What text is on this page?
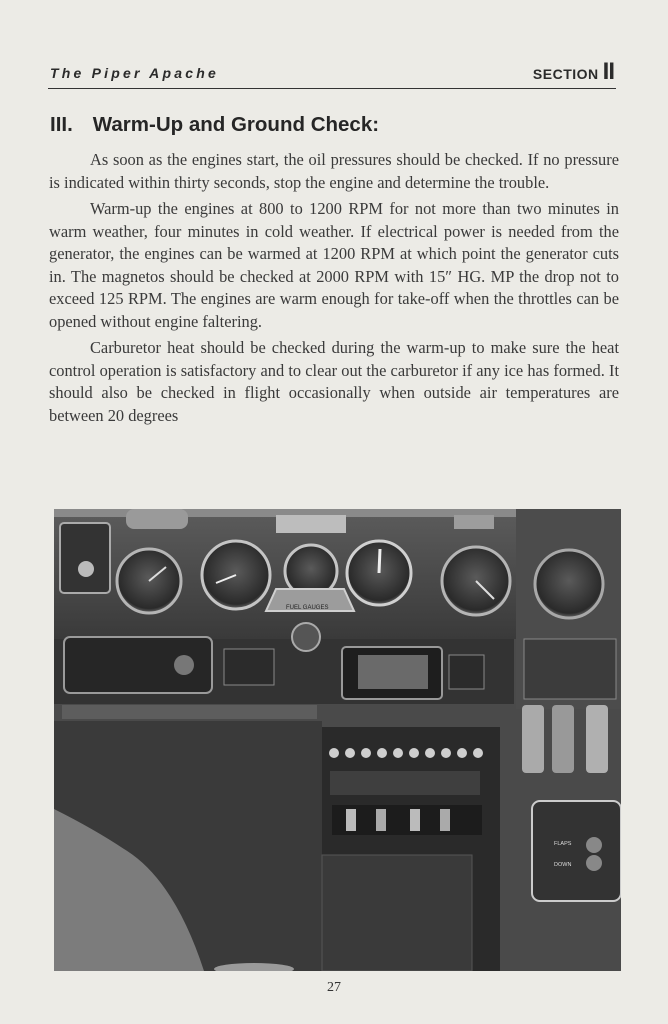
The Piper Apache	SECTION II
III. Warm-Up and Ground Check:

As soon as the engines start, the oil pressures should be checked. If no pressure is indicated within thirty seconds, stop the engine and determine the trouble.

Warm-up the engines at 800 to 1200 RPM for not more than two minutes in warm weather, four minutes in cold weather. If electrical power is needed from the generator, the engines can be warmed at 1200 RPM at which point the generator cuts in. The magnetos should be checked at 2000 RPM with 15″ HG. MP the drop not to exceed 125 RPM. The engines are warm enough for take-off when the throttles can be opened without engine faltering.

Carburetor heat should be checked during the warm-up to make sure the heat control operation is satisfactory and to clear out the carburetor if any ice has formed. It should also be checked in flight occasionally when outside air temperatures are between 20 degrees

FUEL GAUGES
FLAPS
DOWN
27
